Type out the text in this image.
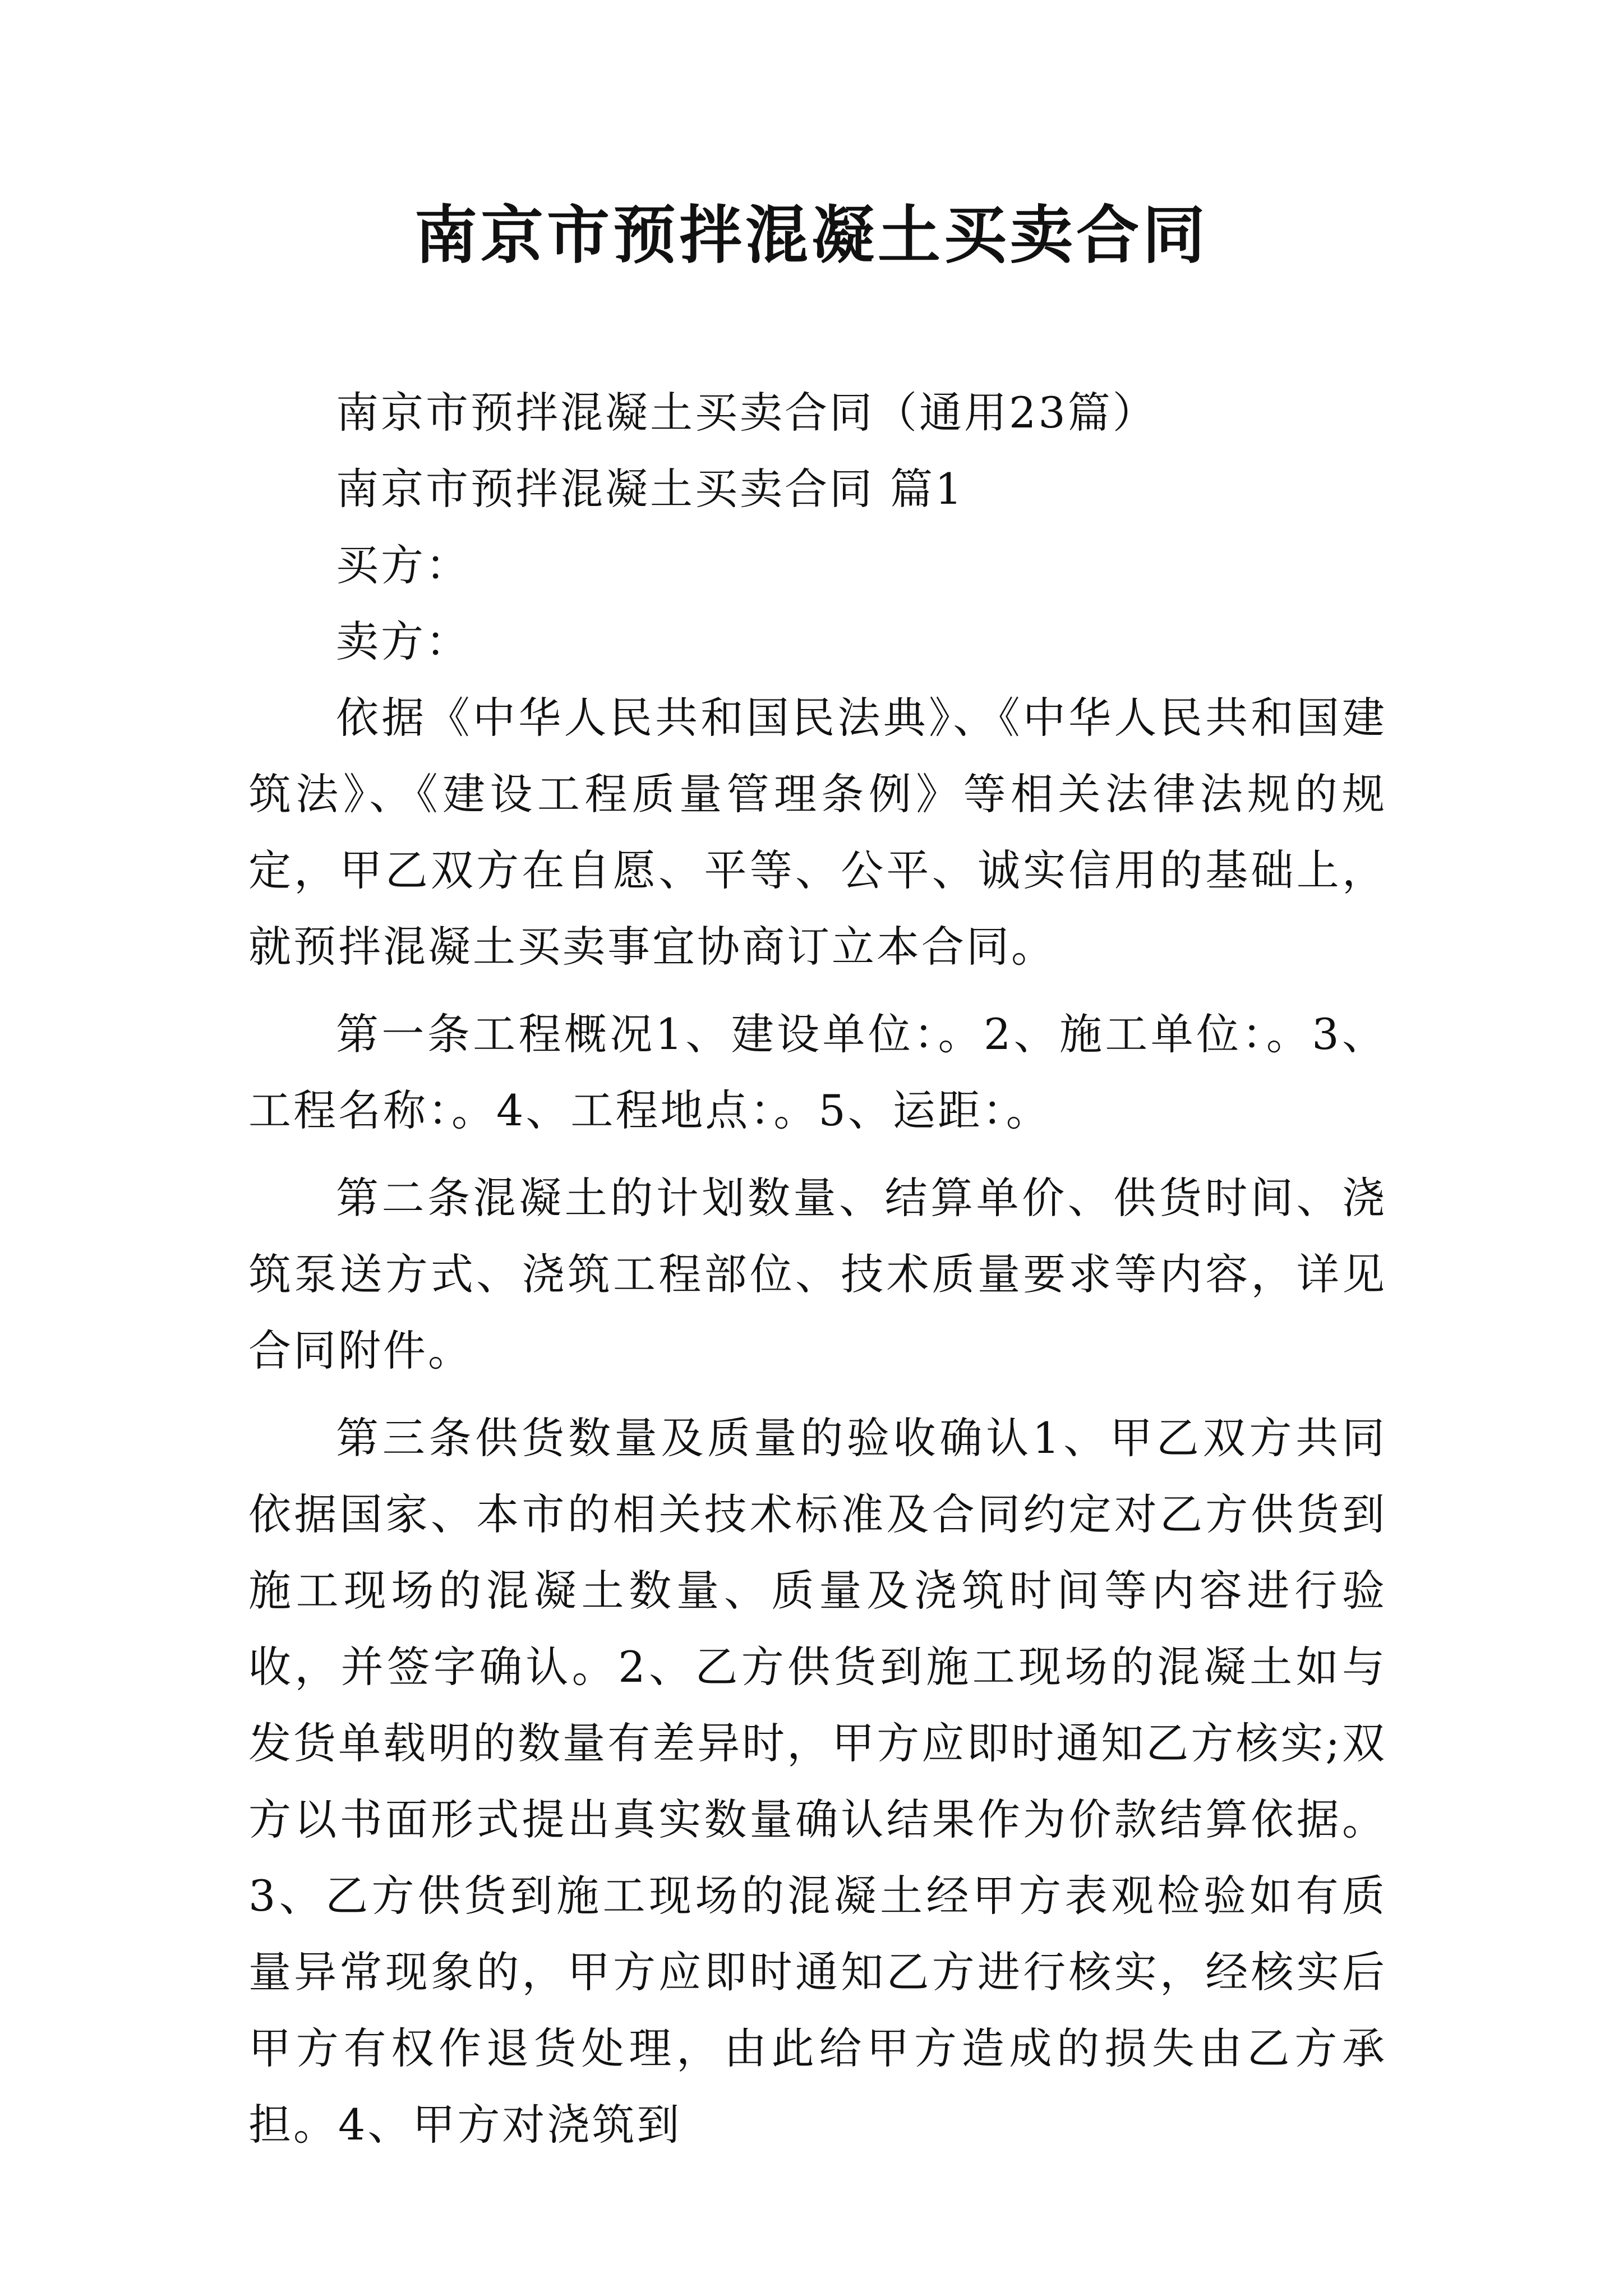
南京市预拌混凝土买卖合同

南京市预拌混凝土买卖合同（通用23篇）

南京市预拌混凝土买卖合同 篇1

买方：

卖方：

依据《中华人民共和国民法典》、《中华人民共和国建筑法》、《建设工程质量管理条例》等相关法律法规的规定，甲乙双方在自愿、平等、公平、诚实信用的基础上，就预拌混凝土买卖事宜协商订立本合同。

第一条工程概况1、建设单位：。2、施工单位：。3、工程名称：。4、工程地点：。5、运距：。

第二条混凝土的计划数量、结算单价、供货时间、浇筑泵送方式、浇筑工程部位、技术质量要求等内容，详见合同附件。

第三条供货数量及质量的验收确认1、甲乙双方共同依据国家、本市的相关技术标准及合同约定对乙方供货到施工现场的混凝土数量、质量及浇筑时间等内容进行验收，并签字确认。2、乙方供货到施工现场的混凝土如与发货单载明的数量有差异时，甲方应即时通知乙方核实;双方以书面形式提出真实数量确认结果作为价款结算依据。3、乙方供货到施工现场的混凝土经甲方表观检验如有质量异常现象的，甲方应即时通知乙方进行核实，经核实后甲方有权作退货处理，由此给甲方造成的损失由乙方承担。4、甲方对浇筑到
